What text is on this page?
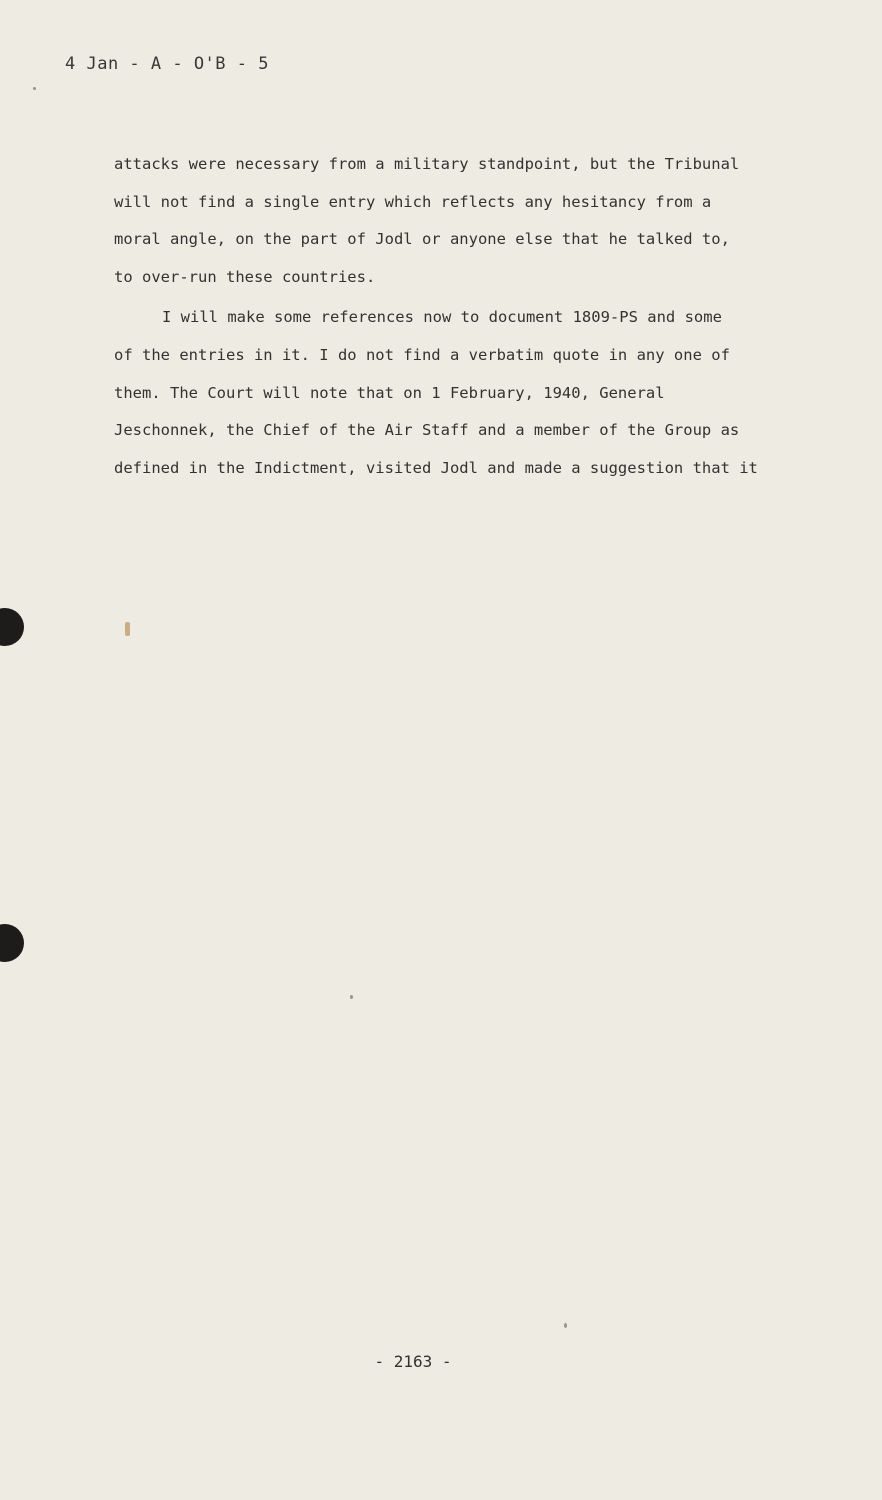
4 Jan - A - O'B - 5
attacks were necessary from a military standpoint, but the Tribunal
will not find a single entry which reflects any hesitancy from a
moral angle, on the part of Jodl or anyone else that he talked to,
to over-run these countries.
I will make some references now to document 1809-PS and some
of the entries in it. I do not find a verbatim quote in any one of
them. The Court will note that on 1 February, 1940, General
Jeschonnek, the Chief of the Air Staff and a member of the Group as
defined in the Indictment, visited Jodl and made a suggestion that it
- 2163 -
